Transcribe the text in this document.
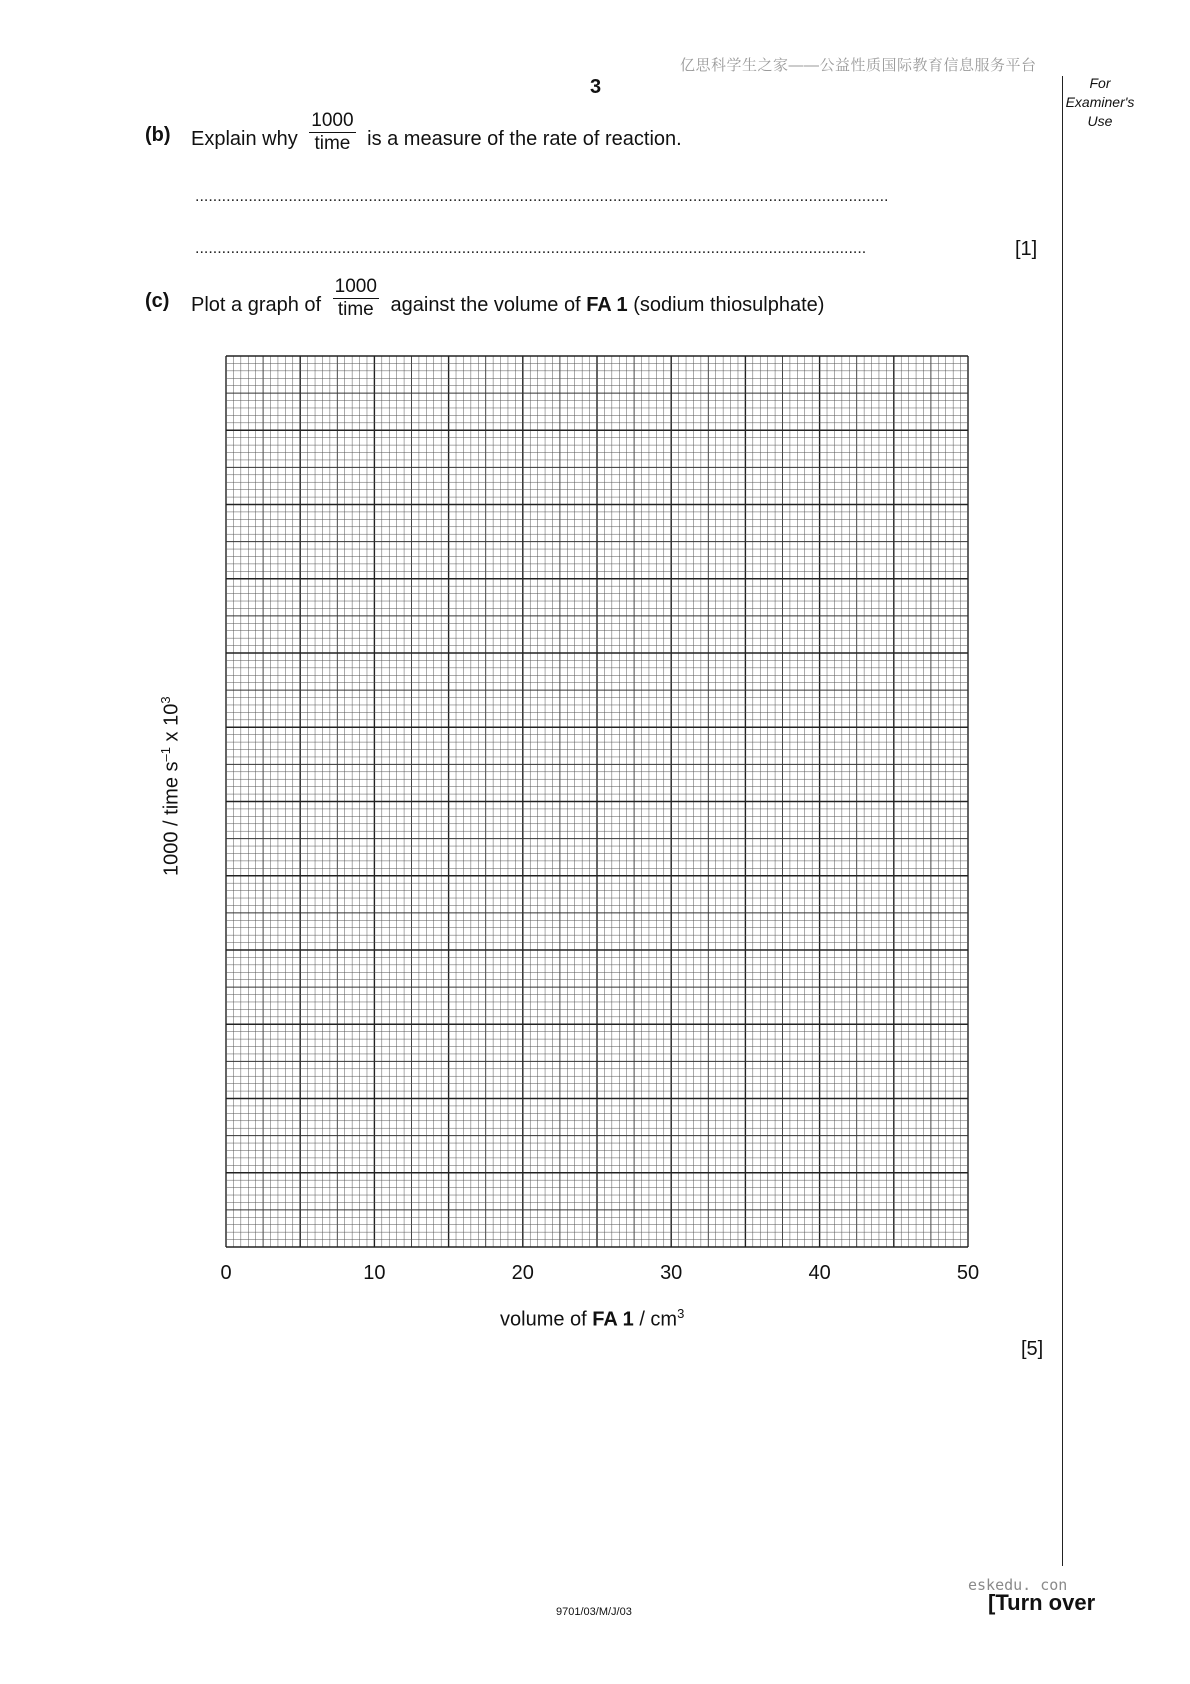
亿思科学生之家——公益性质国际教育信息服务平台
3	For
Examiner's
Use
(b) Explain why $\frac{1000}{\text{time}}$ is a measure of the rate of reaction.
............................................................................................................................................................
.......................................................................................................................................................	[1]
(c) Plot a graph of $\frac{1000}{\text{time}}$ against the volume of FA 1 (sodium thiosulphate)
1000 / time $s^{-1}$ x $10^3$
0	10	20	30	40	50
volume of FA $1 / cm^3$
[5]
eskedu. con
9701/03/M/J/03	[Turn over
